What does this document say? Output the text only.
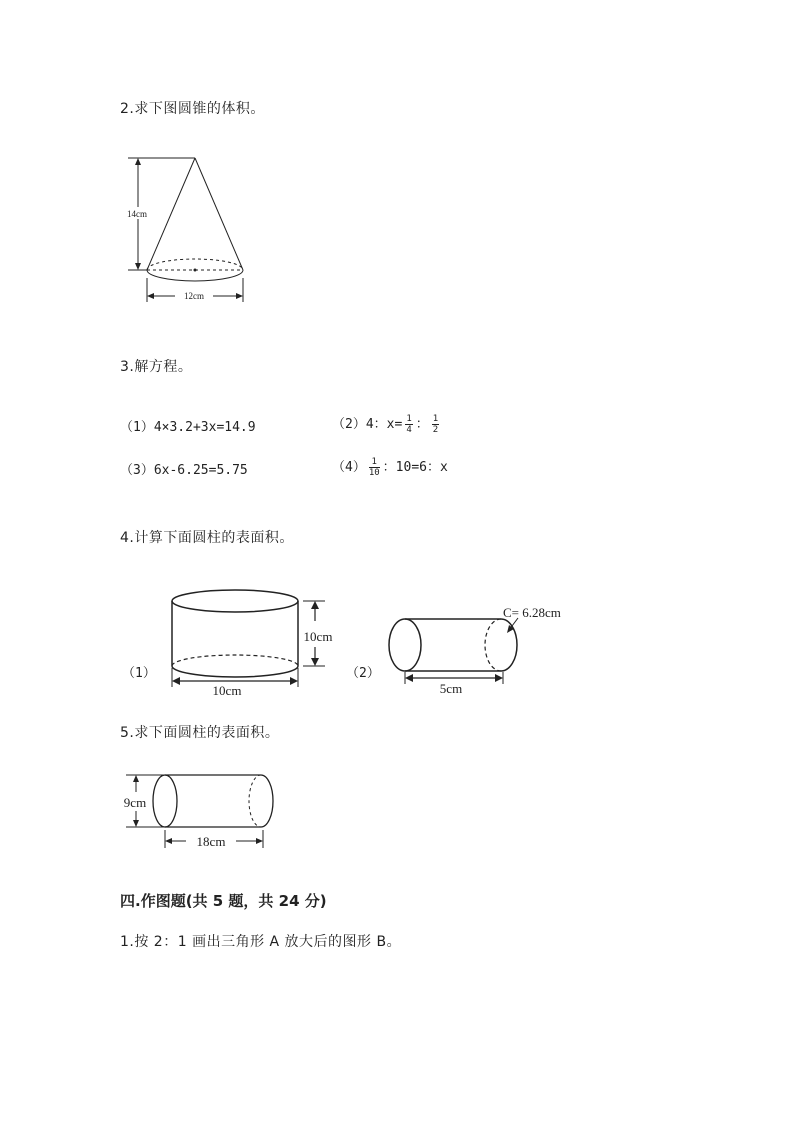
2.求下图圆锥的体积。
12cm
14cm
3.解方程。
（1）4×3.2+3x=14.9	（2）4：$x= \frac{1}{4}$ ： $\frac{1}{2}$
（3）6x-6.25=5.75	$(4) \frac{1}{10}$ ：10=6：x
4.计算下面圆柱的表面积。
（1）
10cm
10cm
（2）
C= 6.28cm
5cm
5.求下面圆柱的表面积。
9cm
18cm
四.作图题(共 5 题，共 24 分)
1.按 2：1 画出三角形 A 放大后的图形 B。
